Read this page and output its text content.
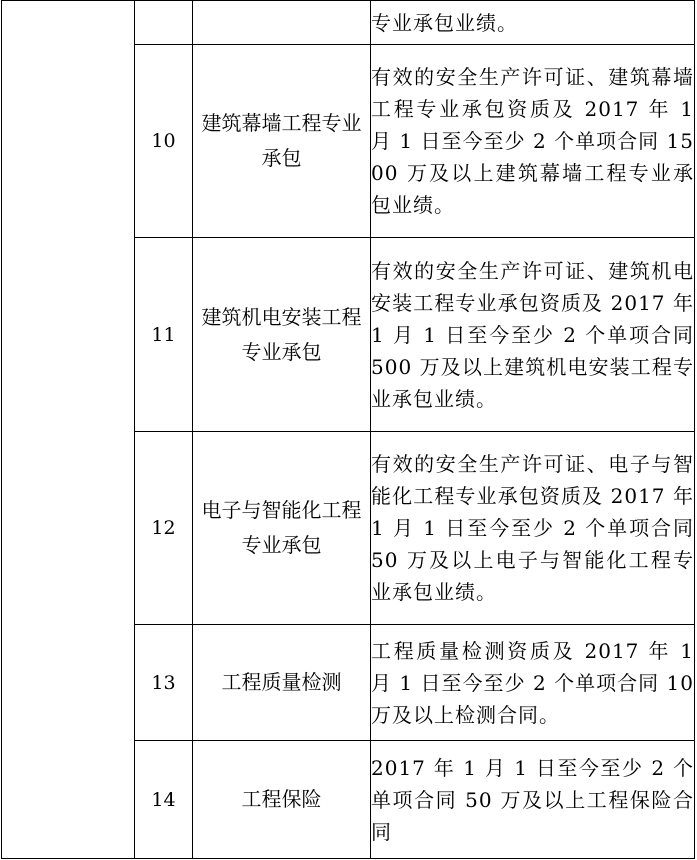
			专业承包业绩。
	10	建筑幕墙工程专业承包	有效的安全生产许可证、建筑幕墙工程专业承包资质及 2017 年 1 月 1 日至今至少 2 个单项合同 1500 万及以上建筑幕墙工程专业承包业绩。
	11	建筑机电安装工程专业承包	有效的安全生产许可证、建筑机电安装工程专业承包资质及 2017 年 1 月 1 日至今至少 2 个单项合同 500 万及以上建筑机电安装工程专业承包业绩。
	12	电子与智能化工程专业承包	有效的安全生产许可证、电子与智能化工程专业承包资质及 2017 年 1 月 1 日至今至少 2 个单项合同 50 万及以上电子与智能化工程专业承包业绩。
	13	工程质量检测	工程质量检测资质及 2017 年 1 月 1 日至今至少 2 个单项合同 10 万及以上检测合同。
	14	工程保险	2017 年 1 月 1 日至今至少 2 个单项合同 50 万及以上工程保险合同
